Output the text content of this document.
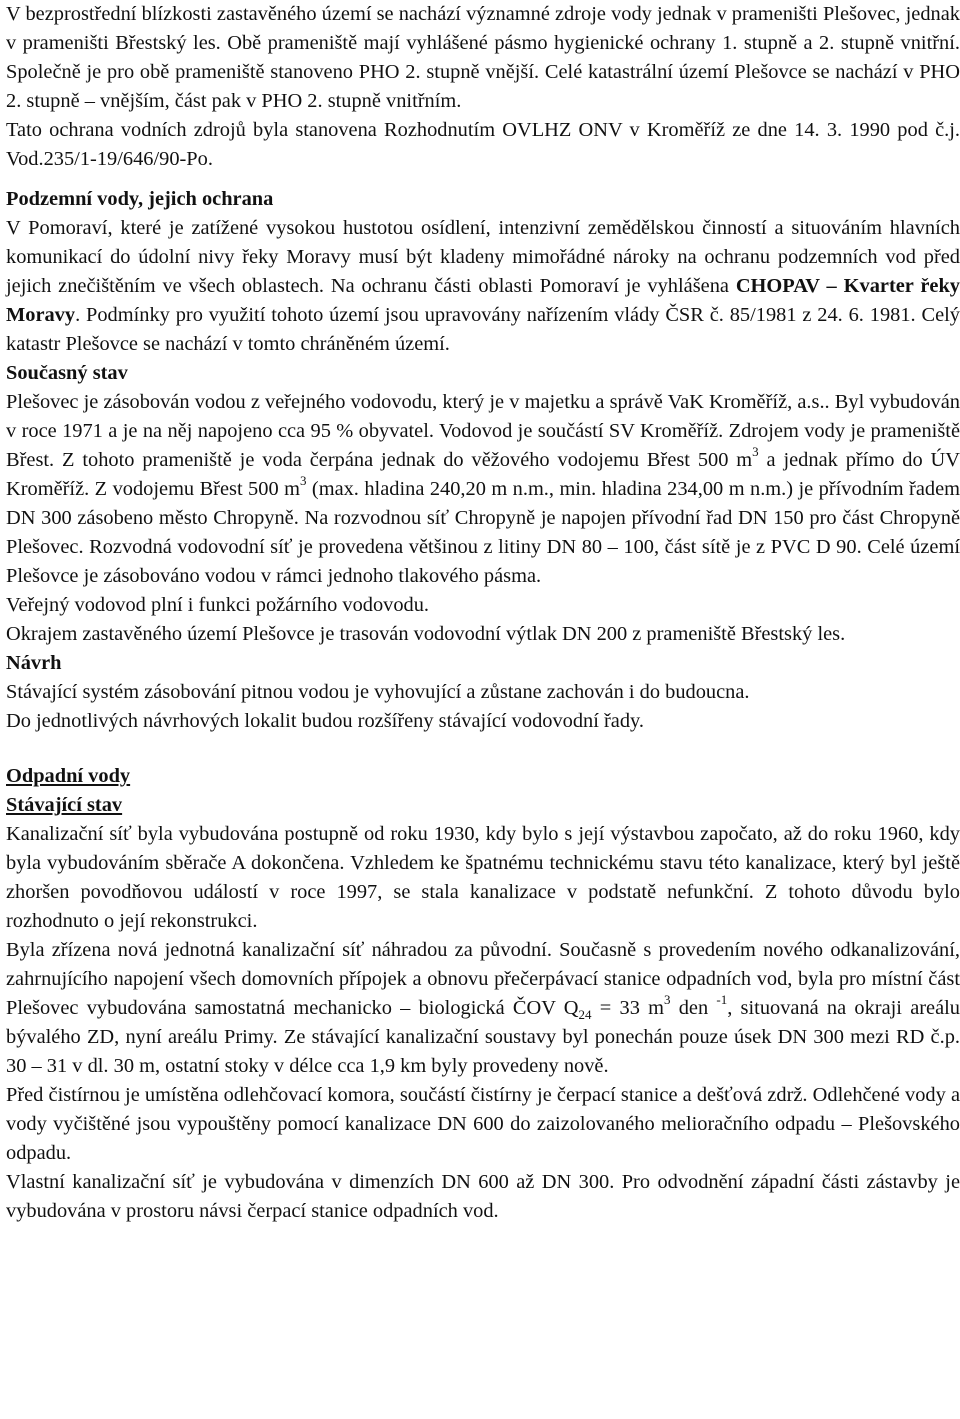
V bezprostřední blízkosti zastavěného území se nachází významné zdroje vody jednak v prameništi Plešovec, jednak v prameništi Břestský les. Obě prameniště mají vyhlášené pásmo hygienické ochrany 1. stupně a 2. stupně vnitřní. Společně je pro obě prameniště stanoveno PHO 2. stupně vnější. Celé katastrální území Plešovce se nachází v PHO 2. stupně – vnějším, část pak v PHO 2. stupně vnitřním.

Tato ochrana vodních zdrojů byla stanovena Rozhodnutím OVLHZ ONV v Kroměříž ze dne 14. 3. 1990 pod č.j. Vod.235/1-19/646/90-Po.

Podzemní vody, jejich ochrana

V Pomoraví, které je zatížené vysokou hustotou osídlení, intenzivní zemědělskou činností a situováním hlavních komunikací do údolní nivy řeky Moravy musí být kladeny mimořádné nároky na ochranu podzemních vod před jejich znečištěním ve všech oblastech. Na ochranu části oblasti Pomoraví je vyhlášena CHOPAV – Kvarter řeky Moravy. Podmínky pro využití tohoto území jsou upravovány nařízením vlády ČSR č. 85/1981 z 24. 6. 1981. Celý katastr Plešovce se nachází v tomto chráněném území.

Současný stav

Plešovec je zásobován vodou z veřejného vodovodu, který je v majetku a správě VaK Kroměříž, a.s.. Byl vybudován v roce 1971 a je na něj napojeno cca 95 % obyvatel. Vodovod je součástí SV Kroměříž. Zdrojem vody je prameniště Břest. Z tohoto prameniště je voda čerpána jednak do věžového vodojemu Břest 500 $m^3$ a jednak přímo do ÚV Kroměříž. Z vodojemu Břest 500 $m^3$ (max. hladina 240,20 m n.m., min. hladina 234,00 m n.m.) je přívodním řadem DN 300 zásobeno město Chropyně. Na rozvodnou síť Chropyně je napojen přívodní řad DN 150 pro část Chropyně Plešovec. Rozvodná vodovodní síť je provedena většinou z litiny DN 80 – 100, část sítě je z PVC D 90. Celé území Plešovce je zásobováno vodou v rámci jednoho tlakového pásma.

Veřejný vodovod plní i funkci požárního vodovodu.

Okrajem zastavěného území Plešovce je trasován vodovodní výtlak DN 200 z prameniště Břestský les.

Návrh

Stávající systém zásobování pitnou vodou je vyhovující a zůstane zachován i do budoucna.

Do jednotlivých návrhových lokalit budou rozšířeny stávající vodovodní řady.

Odpadní vody
Stávající stav

Kanalizační síť byla vybudována postupně od roku 1930, kdy bylo s její výstavbou započato, až do roku 1960, kdy byla vybudováním sběrače A dokončena. Vzhledem ke špatnému technickému stavu této kanalizace, který byl ještě zhoršen povodňovou událostí v roce 1997, se stala kanalizace v podstatě nefunkční. Z tohoto důvodu bylo rozhodnuto o její rekonstrukci.

Byla zřízena nová jednotná kanalizační síť náhradou za původní. Současně s provedením nového odkanalizování, zahrnujícího napojení všech domovních přípojek a obnovu přečerpávací stanice odpadních vod, byla pro místní část Plešovec vybudována samostatná mechanicko – biologická ČOV $Q_{24} = 33$ $m^3$ den $^{-1}$, situovaná na okraji areálu bývalého ZD, nyní areálu Primy. Ze stávající kanalizační soustavy byl ponechán pouze úsek DN 300 mezi RD č.p. 30 – 31 v dl. 30 m, ostatní stoky v délce cca 1,9 km byly provedeny nově.

Před čistírnou je umístěna odlehčovací komora, součástí čistírny je čerpací stanice a dešťová zdrž. Odlehčené vody a vody vyčištěné jsou vypouštěny pomocí kanalizace DN 600 do zaizolovaného melioračního odpadu – Plešovského odpadu.

Vlastní kanalizační síť je vybudována v dimenzích DN 600 až DN 300. Pro odvodnění západní části zástavby je vybudována v prostoru návsi čerpací stanice odpadních vod.
